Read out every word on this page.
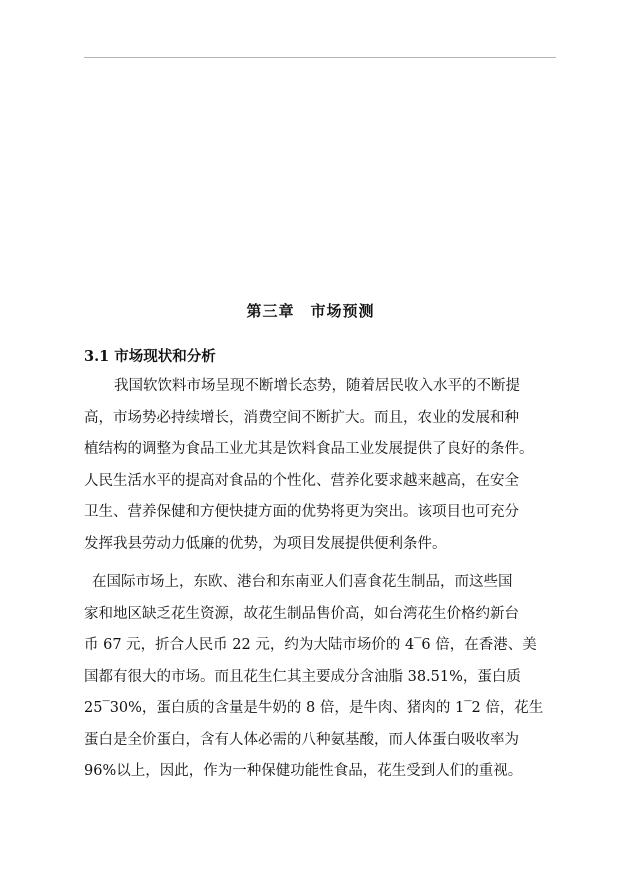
第三章　市场预测
3.1 市场现状和分析

我国软饮料市场呈现不断增长态势，随着居民收入水平的不断提
高，市场势必持续增长，消费空间不断扩大。而且，农业的发展和种
植结构的调整为食品工业尤其是饮料食品工业发展提供了良好的条件。
人民生活水平的提高对食品的个性化、营养化要求越来越高，在安全
卫生、营养保健和方便快捷方面的优势将更为突出。该项目也可充分
发挥我县劳动力低廉的优势，为项目发展提供便利条件。

在国际市场上，东欧、港台和东南亚人们喜食花生制品，而这些国
家和地区缺乏花生资源，故花生制品售价高，如台湾花生价格约新台
币 67 元，折合人民币 22 元，约为大陆市场价的 4‾6 倍，在香港、美
国都有很大的市场。而且花生仁其主要成分含油脂 38.51%，蛋白质
25‾30%，蛋白质的含量是牛奶的 8 倍，是牛肉、猪肉的 1‾2 倍，花生
蛋白是全价蛋白，含有人体必需的八种氨基酸，而人体蛋白吸收率为
96%以上，因此，作为一种保健功能性食品，花生受到人们的重视。
